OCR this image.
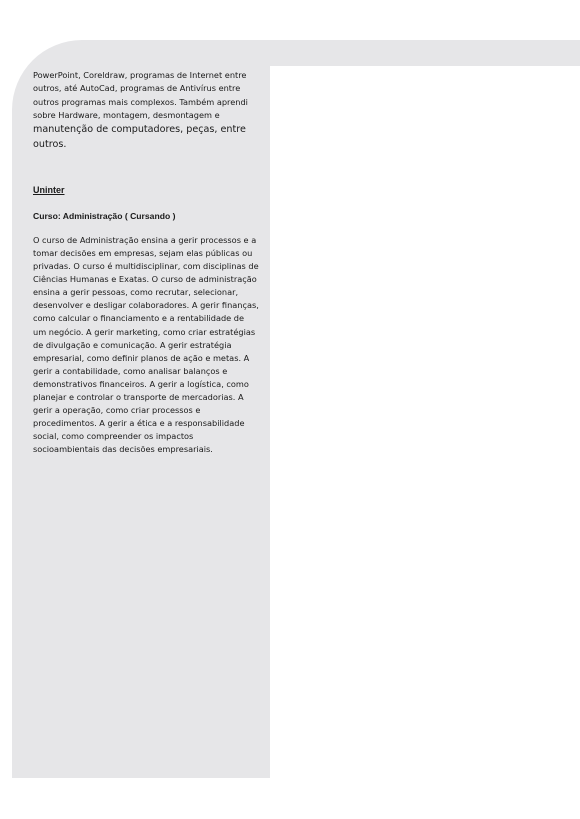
PowerPoint, Coreldraw, programas de Internet entre
outros, até AutoCad, programas de Antivírus entre
outros programas mais complexos. Também aprendi
sobre Hardware, montagem, desmontagem e

manutenção de computadores, peças, entre
outros.

Uninter
Curso: Administração ( Cursando )

O curso de Administração ensina a gerir processos e a
tomar decisões em empresas, sejam elas públicas ou
privadas. O curso é multidisciplinar, com disciplinas de
Ciências Humanas e Exatas. O curso de administração
ensina a gerir pessoas, como recrutar, selecionar,
desenvolver e desligar colaboradores. A gerir finanças,
como calcular o financiamento e a rentabilidade de
um negócio. A gerir marketing, como criar estratégias
de divulgação e comunicação. A gerir estratégia
empresarial, como definir planos de ação e metas. A
gerir a contabilidade, como analisar balanços e
demonstrativos financeiros. A gerir a logística, como
planejar e controlar o transporte de mercadorias. A
gerir a operação, como criar processos e
procedimentos. A gerir a ética e a responsabilidade
social, como compreender os impactos
socioambientais das decisões empresariais.
